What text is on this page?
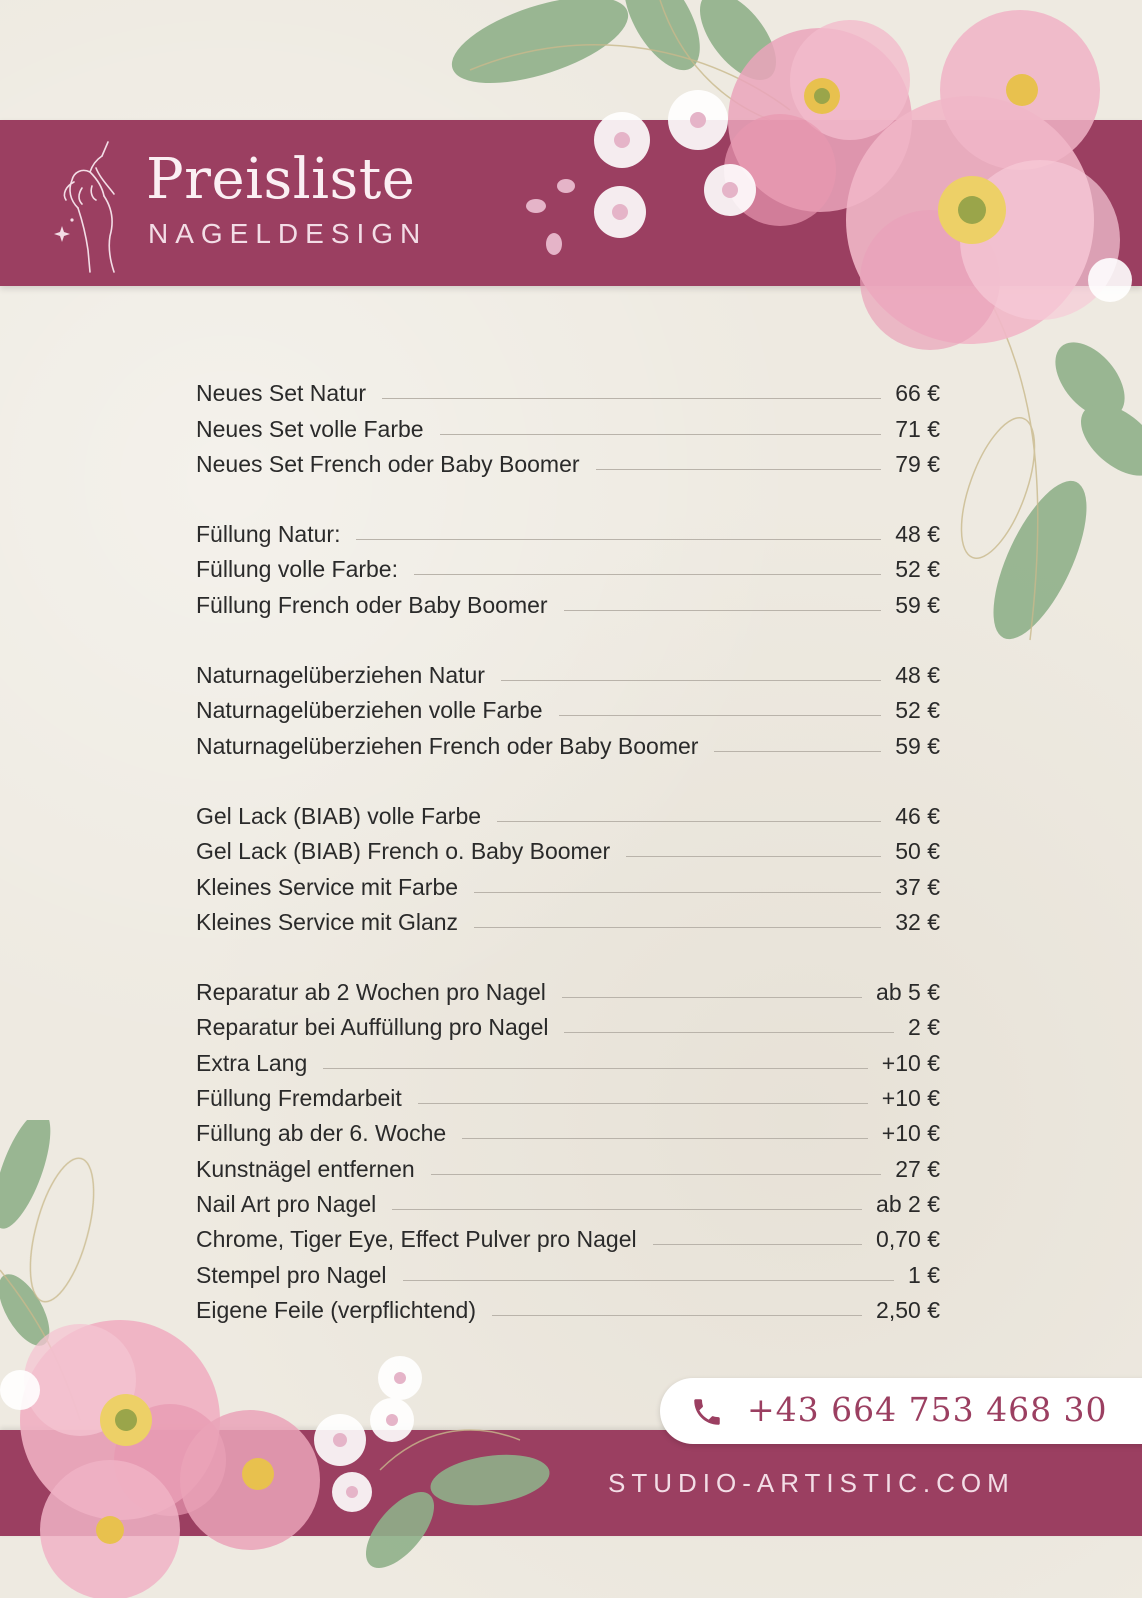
Preisliste
NAGELDESIGN
Neues Set Natur	66 €
Neues Set volle Farbe	71 €
Neues Set French oder Baby Boomer	79 €
Füllung Natur:	48 €
Füllung volle Farbe:	52 €
Füllung French oder Baby Boomer	59 €
Naturnagelüberziehen Natur	48 €
Naturnagelüberziehen volle Farbe	52 €
Naturnagelüberziehen French oder Baby Boomer	59 €
Gel Lack (BIAB) volle Farbe	46 €
Gel Lack (BIAB) French o. Baby Boomer	50 €
Kleines Service mit Farbe	37 €
Kleines Service mit Glanz	32 €
Reparatur ab 2 Wochen pro Nagel	ab 5 €
Reparatur bei Auffüllung pro Nagel	2 €
Extra Lang	+10 €
Füllung Fremdarbeit	+10 €
Füllung ab der 6. Woche	+10 €
Kunstnägel entfernen	27 €
Nail Art pro Nagel	ab 2 €
Chrome, Tiger Eye, Effect Pulver pro Nagel	0,70 €
Stempel pro Nagel	1 €
Eigene Feile (verpflichtend)	2,50 €
+43 664 753 468 30
STUDIO-ARTISTIC.COM
